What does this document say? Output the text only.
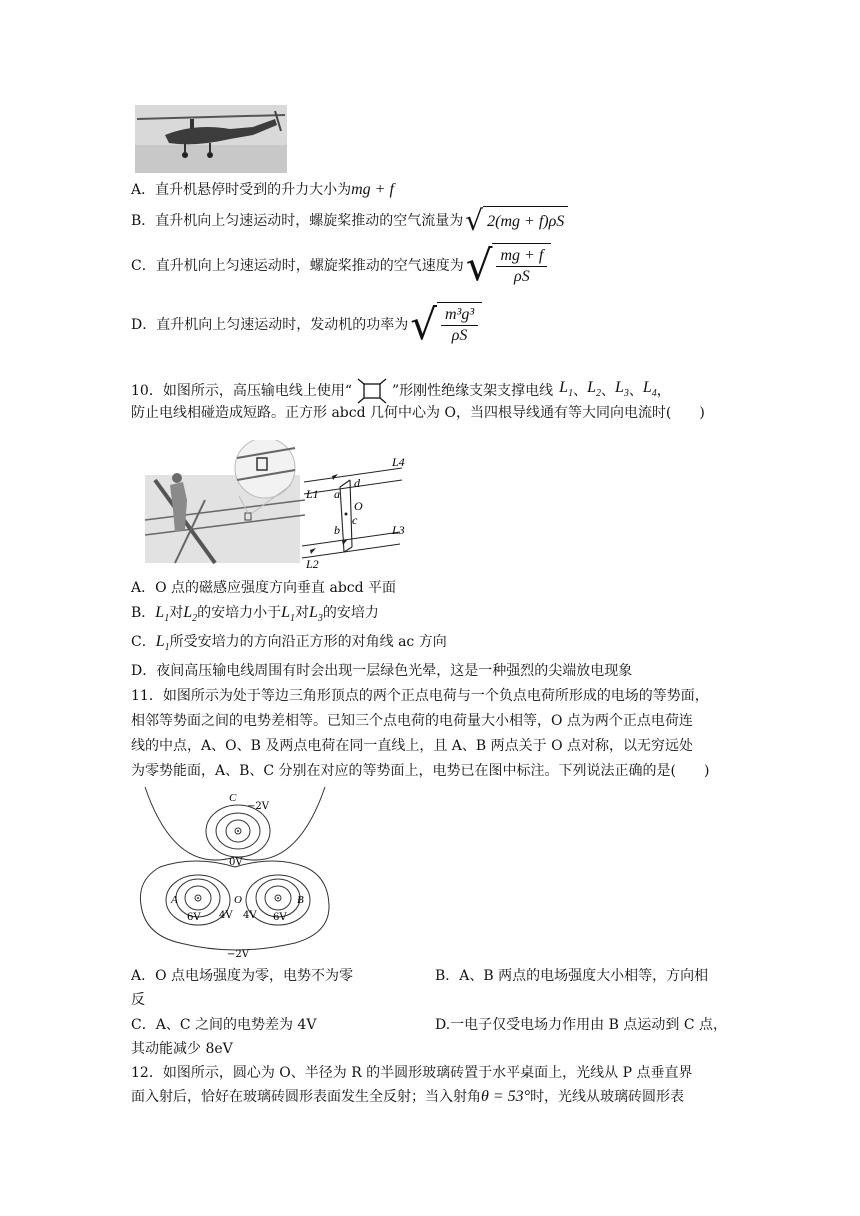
A．直升机悬停时受到的升力大小为mg + f
B．直升机向上匀速运动时，螺旋桨推动的空气流量为 √ 2(mg + f)ρS
C．直升机向上匀速运动时，螺旋桨推动的空气速度为 √ $\frac{mg + f}{\rho S}$
D．直升机向上匀速运动时，发动机的功率为 √ $\frac{\text{m³g³}}{\rho S}$
10．如图所示，高压输电线上使用“	”形刚性绝缘支架支撑电线 $L_1$ 、 $L_2$ 、 $L_3$ 、 $L_4$ ，
防止电线相碰造成短路。正方形 abcd 几何中心为 O，当四根导线通有等大同向电流时(　　)
L4
L1
L3
L2
a
d
O
c
b
A．O 点的磁感应强度方向垂直 abcd 平面
B．$L_1$对$L_2$的安培力小于$L_1$对$L_3$的安培力
C．$L_1$所受安培力的方向沿正方形的对角线 ac 方向
D．夜间高压输电线周围有时会出现一层绿色光晕，这是一种强烈的尖端放电现象
11．如图所示为处于等边三角形顶点的两个正点电荷与一个负点电荷所形成的电场的等势面，
相邻等势面之间的电势差相等。已知三个点电荷的电荷量大小相等，O 点为两个正点电荷连
线的中点，A、O、B 及两点电荷在同一直线上，且 A、B 两点关于 O 点对称，以无穷远处
为零势能面，A、B、C 分别在对应的等势面上，电势已在图中标注。下列说法正确的是(　　)
C
−2V
0V
A	O	B
6V 4V 4V 6V
−2V
A．O 点电场强度为零，电势不为零	B．A、B 两点的电场强度大小相等，方向相
反
C．A、C 之间的电势差为 4V	D.一电子仅受电场力作用由 B 点运动到 C 点，
其动能减少 8eV
12．如图所示，圆心为 O、半径为 R 的半圆形玻璃砖置于水平桌面上，光线从 P 点垂直界
面入射后，恰好在玻璃砖圆形表面发生全反射；当入射角θ = 53°时，光线从玻璃砖圆形表
